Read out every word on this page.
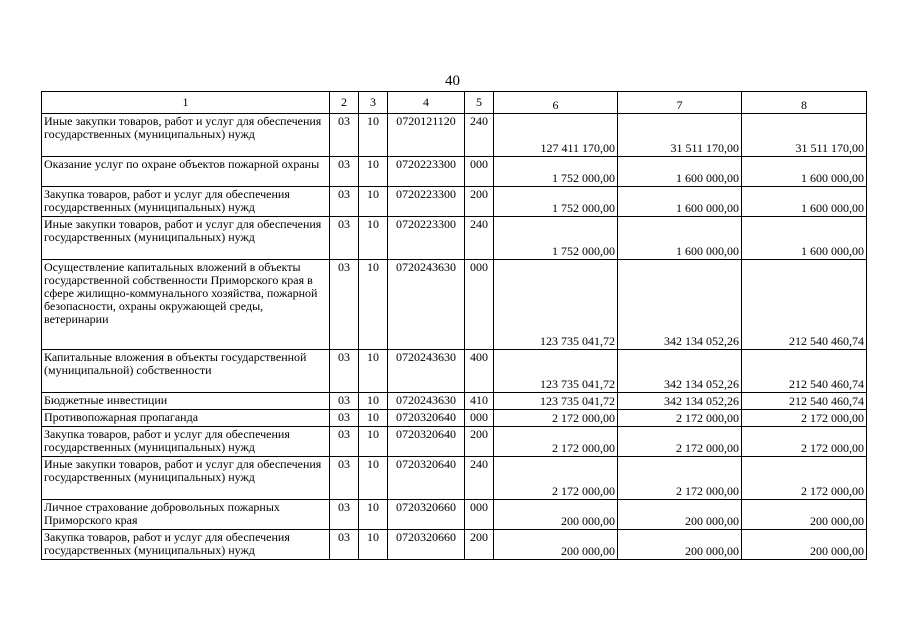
40
1	2	3	4	5	6	7	8
Иные закупки товаров, работ и услуг для обеспечения государственных (муниципальных) нужд	03	10	0720121120	240	127 411 170,00	31 511 170,00	31 511 170,00
Оказание услуг по охране объектов пожарной охраны	03	10	0720223300	000	1 752 000,00	1 600 000,00	1 600 000,00
Закупка товаров, работ и услуг для обеспечения государственных (муниципальных) нужд	03	10	0720223300	200	1 752 000,00	1 600 000,00	1 600 000,00
Иные закупки товаров, работ и услуг для обеспечения государственных (муниципальных) нужд	03	10	0720223300	240	1 752 000,00	1 600 000,00	1 600 000,00
Осуществление капитальных вложений в объекты государственной собственности Приморского края в сфере жилищно-коммунального хозяйства, пожарной безопасности, охраны окружающей среды, ветеринарии	03	10	0720243630	000	123 735 041,72	342 134 052,26	212 540 460,74
Капитальные вложения в объекты государственной (муниципальной) собственности	03	10	0720243630	400	123 735 041,72	342 134 052,26	212 540 460,74
Бюджетные инвестиции	03	10	0720243630	410	123 735 041,72	342 134 052,26	212 540 460,74
Противопожарная пропаганда	03	10	0720320640	000	2 172 000,00	2 172 000,00	2 172 000,00
Закупка товаров, работ и услуг для обеспечения государственных (муниципальных) нужд	03	10	0720320640	200	2 172 000,00	2 172 000,00	2 172 000,00
Иные закупки товаров, работ и услуг для обеспечения государственных (муниципальных) нужд	03	10	0720320640	240	2 172 000,00	2 172 000,00	2 172 000,00
Личное страхование добровольных пожарных Приморского края	03	10	0720320660	000	200 000,00	200 000,00	200 000,00
Закупка товаров, работ и услуг для обеспечения государственных (муниципальных) нужд	03	10	0720320660	200	200 000,00	200 000,00	200 000,00
